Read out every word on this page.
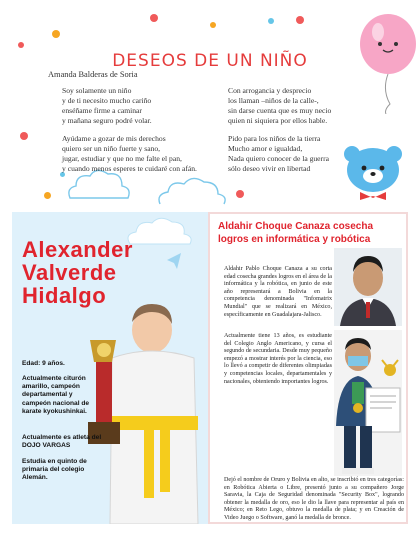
DESEOS DE UN NIÑO
Amanda Balderas de Soria
Soy solamente un niño
y de ti necesito mucho cariño
enséñame firme a caminar
y mañana seguro podré volar.
Ayúdame a gozar de mis derechos
quiero ser un niño fuerte y sano,
jugar, estudiar y que no me falte el pan,
y cuando menos esperes te cuidaré con afán.
Con arrogancia y desprecio
los llaman –niños de la calle-,
sin darse cuenta que es muy necio
quien ni siquiera por ellos hable.
Pido para los niños de la tierra
Mucho amor e igualdad,
Nada quiero conocer de la guerra
sólo deseo vivir en libertad
Alexander
Valverde
Hidalgo
Edad: 9 años.
Actualmente citurón amarillo, campeón departamental y campeón nacional de karate kyokushinkai.
Actualmente es atleta del DOJO VARGAS
Estudia en quinto de primaria del colegio Alemán.
Aldahir Choque Canaza cosecha logros en informática y robótica

Aldahir Pablo Choque Canaza a su corta edad cosecha grandes logros en el área de la informática y la robótica, en junio de este año representará a Bolivia en la competencia denominada "Infomatrix Mundial" que se realizará en México, específicamente en Guadalajara-Jalisco.

Actualmente tiene 13 años, es estudiante del Colegio Anglo Americano, y cursa el segundo de secundaria. Desde muy pequeño empezó a mostrar interés por la ciencia, eso lo llevó a competir de diferentes olimpiadas y competencias locales, departamentales y nacionales, obteniendo importantes logros.

Dejó el nombre de Oruro y Bolivia en alto, se inscribió en tres categorías: en Robótica Abierta o Libre, presentó junto a su compañero Jorge Saravia, la Caja de Seguridad denominada "Security Box", logrando obtener la medalla de oro, eso le dio la llave para representar al país en México; en Reto Lego, obtuvo la medalla de plata; y en Creación de Video Juego o Software, ganó la medalla de bronce.
